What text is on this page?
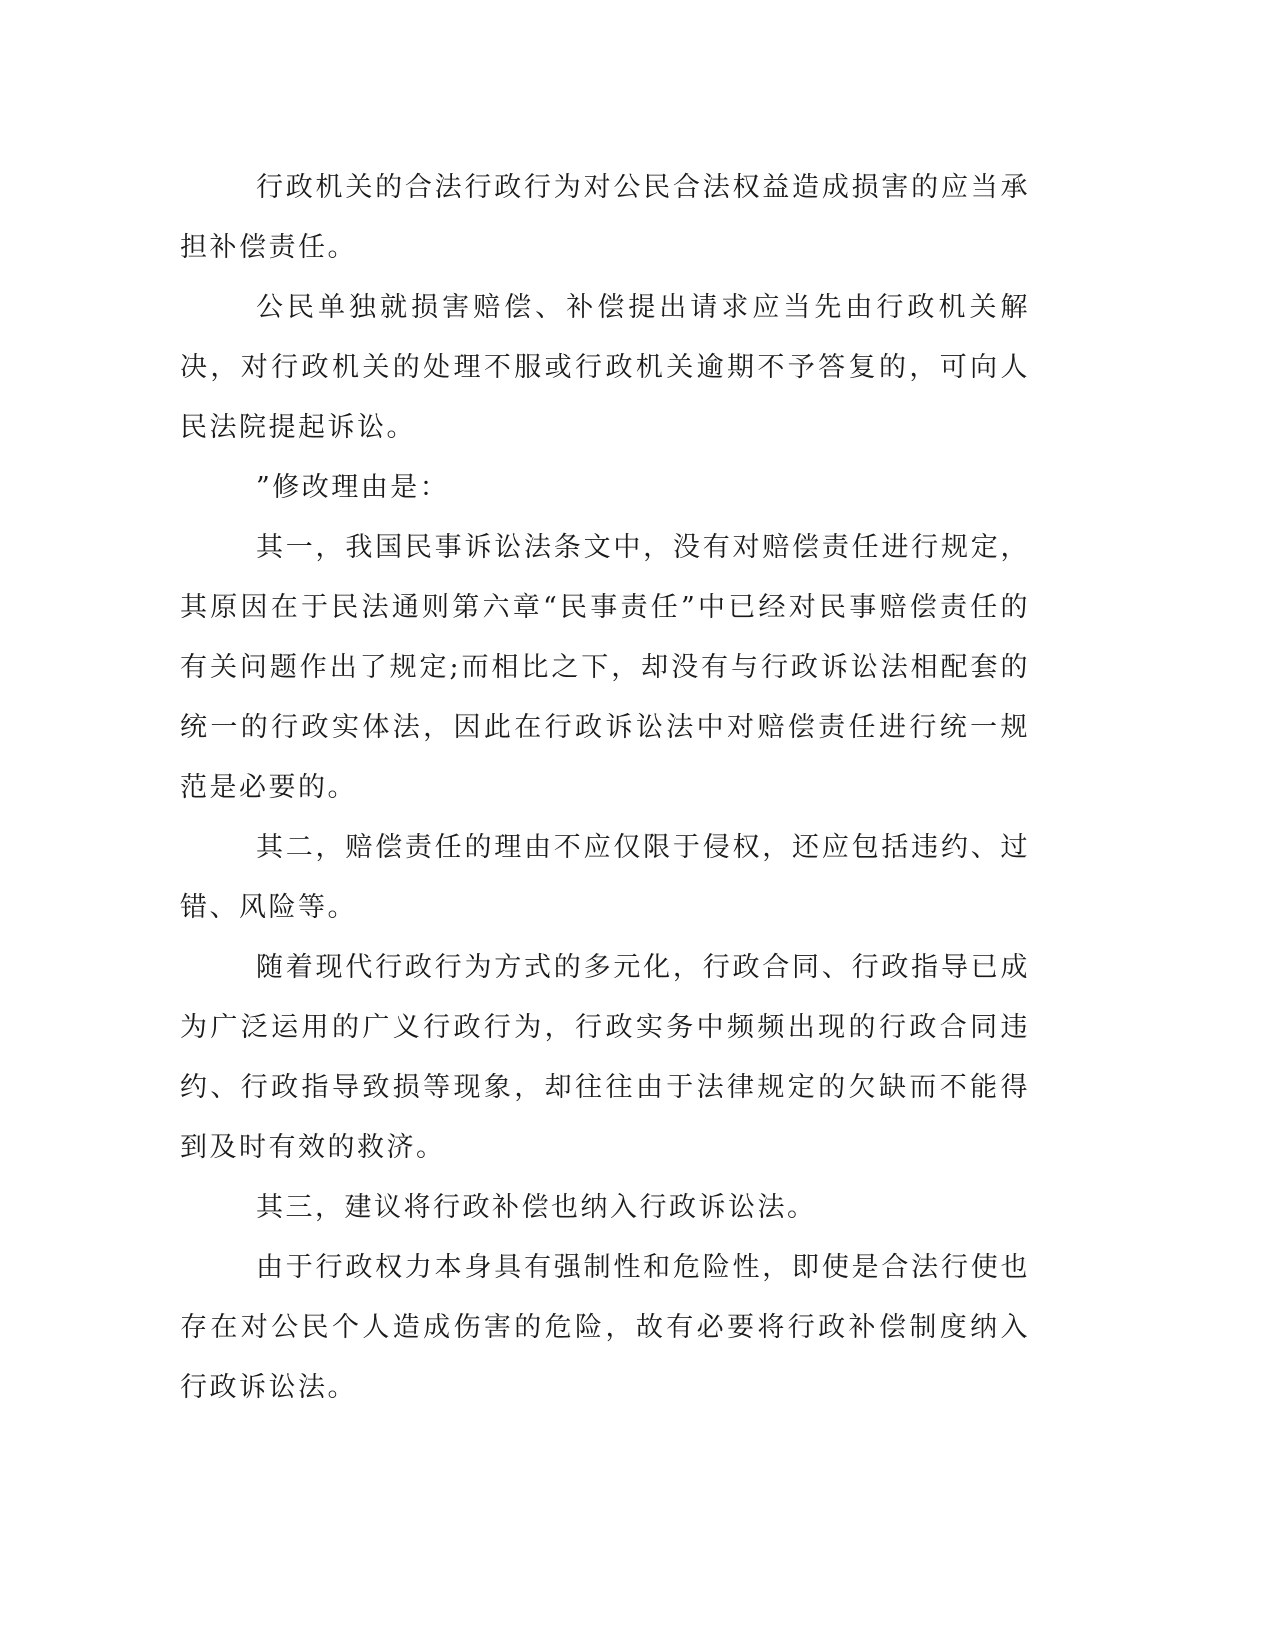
行政机关的合法行政行为对公民合法权益造成损害的应当承担补偿责任。

公民单独就损害赔偿、补偿提出请求应当先由行政机关解决，对行政机关的处理不服或行政机关逾期不予答复的，可向人民法院提起诉讼。

”修改理由是：

其一，我国民事诉讼法条文中，没有对赔偿责任进行规定，其原因在于民法通则第六章“民事责任”中已经对民事赔偿责任的有关问题作出了规定;而相比之下，却没有与行政诉讼法相配套的统一的行政实体法，因此在行政诉讼法中对赔偿责任进行统一规范是必要的。

其二，赔偿责任的理由不应仅限于侵权，还应包括违约、过错、风险等。

随着现代行政行为方式的多元化，行政合同、行政指导已成为广泛运用的广义行政行为，行政实务中频频出现的行政合同违约、行政指导致损等现象，却往往由于法律规定的欠缺而不能得到及时有效的救济。

其三，建议将行政补偿也纳入行政诉讼法。

由于行政权力本身具有强制性和危险性，即使是合法行使也存在对公民个人造成伤害的危险，故有必要将行政补偿制度纳入行政诉讼法。
